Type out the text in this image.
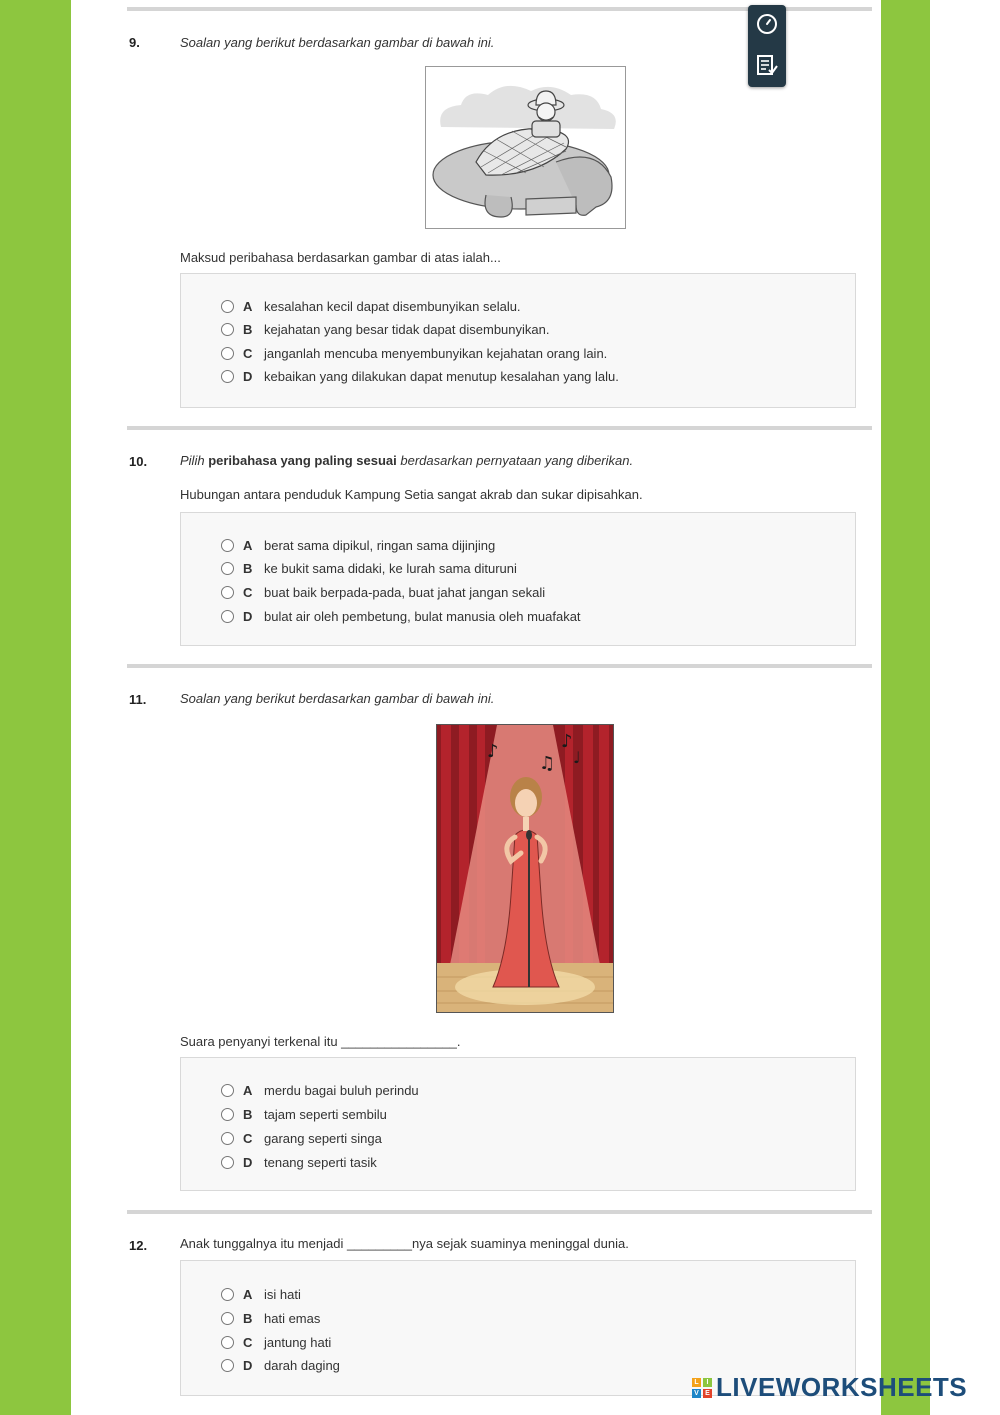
9.	Soalan yang berikut berdasarkan gambar di bawah ini.
Maksud peribahasa berdasarkan gambar di atas ialah...
A kesalahan kecil dapat disembunyikan selalu.
B kejahatan yang besar tidak dapat disembunyikan.
C janganlah mencuba menyembunyikan kejahatan orang lain.
D kebaikan yang dilakukan dapat menutup kesalahan yang lalu.
10.	Pilih peribahasa yang paling sesuai berdasarkan pernyataan yang diberikan.
Hubungan antara penduduk Kampung Setia sangat akrab dan sukar dipisahkan.
A berat sama dipikul, ringan sama dijinjing
B ke bukit sama didaki, ke lurah sama dituruni
C buat baik berpada-pada, buat jahat jangan sekali
D bulat air oleh pembetung, bulat manusia oleh muafakat
11.	Soalan yang berikut berdasarkan gambar di bawah ini.
♪
♫
♪
♩
Suara penyanyi terkenal itu ________________.
A merdu bagai buluh perindu
B tajam seperti sembilu
C garang seperti singa
D tenang seperti tasik
12.	Anak tunggalnya itu menjadi _________nya sejak suaminya meninggal dunia.
A isi hati
B hati emas
C jantung hati
D darah daging
L	I
V E LIVEWORKSHEETS
